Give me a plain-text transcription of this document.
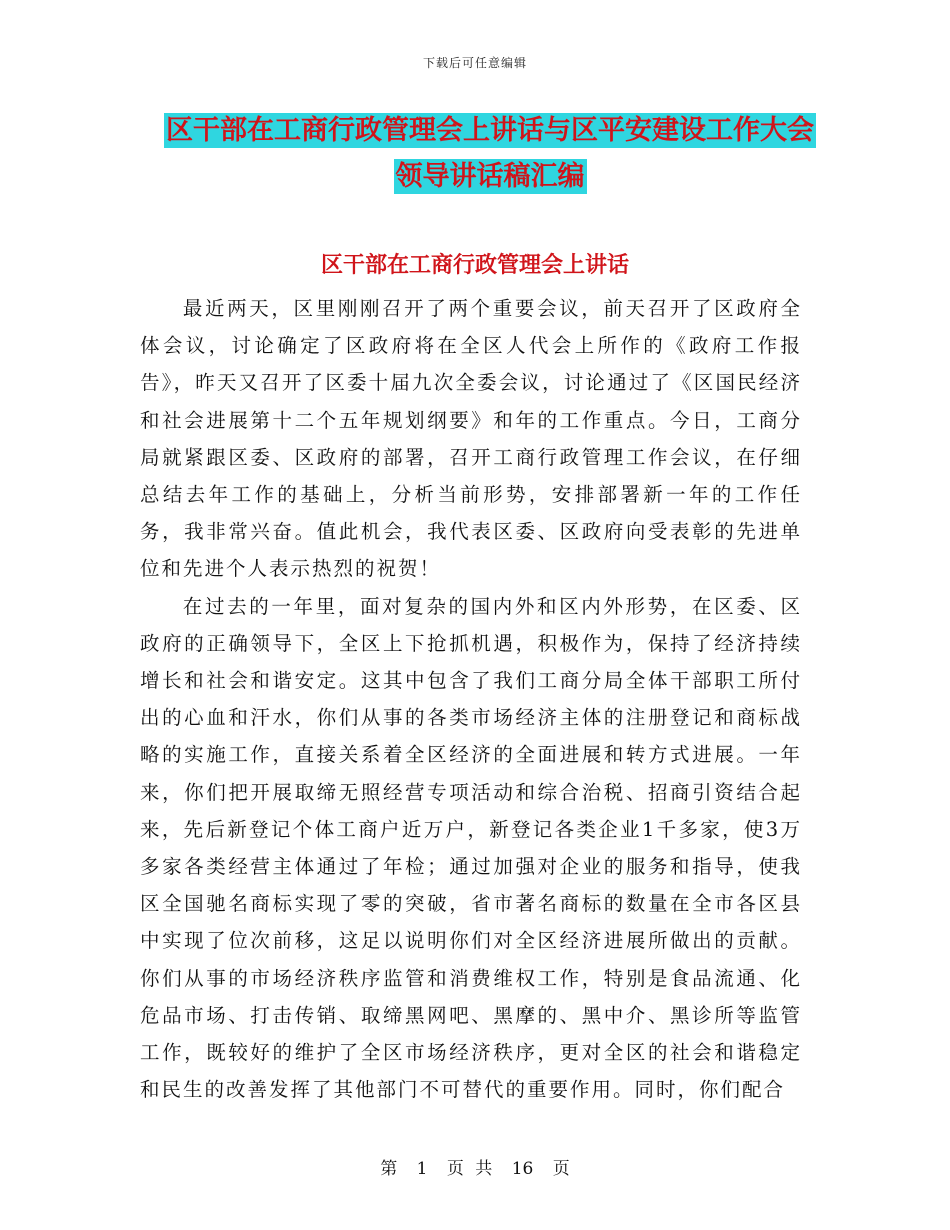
下载后可任意编辑
区干部在工商行政管理会上讲话与区平安建设工作大会领导讲话稿汇编
区干部在工商行政管理会上讲话

最近两天，区里刚刚召开了两个重要会议，前天召开了区政府全体会议，讨论确定了区政府将在全区人代会上所作的《政府工作报告》，昨天又召开了区委十届九次全委会议，讨论通过了《区国民经济和社会进展第十二个五年规划纲要》和年的工作重点。今日，工商分局就紧跟区委、区政府的部署，召开工商行政管理工作会议，在仔细总结去年工作的基础上，分析当前形势，安排部署新一年的工作任务，我非常兴奋。值此机会，我代表区委、区政府向受表彰的先进单位和先进个人表示热烈的祝贺！

在过去的一年里，面对复杂的国内外和区内外形势，在区委、区政府的正确领导下，全区上下抢抓机遇，积极作为，保持了经济持续增长和社会和谐安定。这其中包含了我们工商分局全体干部职工所付出的心血和汗水，你们从事的各类市场经济主体的注册登记和商标战略的实施工作，直接关系着全区经济的全面进展和转方式进展。一年来，你们把开展取缔无照经营专项活动和综合治税、招商引资结合起来，先后新登记个体工商户近万户，新登记各类企业1千多家，使3万多家各类经营主体通过了年检；通过加强对企业的服务和指导，使我区全国驰名商标实现了零的突破，省市著名商标的数量在全市各区县中实现了位次前移，这足以说明你们对全区经济进展所做出的贡献。你们从事的市场经济秩序监管和消费维权工作，特别是食品流通、化危品市场、打击传销、取缔黑网吧、黑摩的、黑中介、黑诊所等监管工作，既较好的维护了全区市场经济秩序，更对全区的社会和谐稳定和民生的改善发挥了其他部门不可替代的重要作用。同时，你们配合

第 1 页 共 16 页
